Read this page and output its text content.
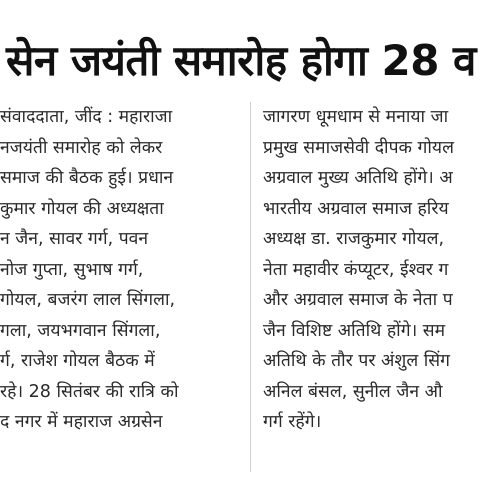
सेन जयंती समारोह होगा 28 व
संवाददाता, जींद : महाराजा
नजयंती समारोह को लेकर
समाज की बैठक हुई। प्रधान
कुमार गोयल की अध्यक्षता
न जैन, सावर गर्ग, पवन
नोज गुप्ता, सुभाष गर्ग,
गोयल, बजरंग लाल सिंगला,
गला, जयभगवान सिंगला,
र्ग, राजेश गोयल बैठक में
रहे। 28 सितंबर की रात्रि को
द नगर में महाराज अग्रसेन
जागरण धूमधाम से मनाया जा
प्रमुख समाजसेवी दीपक गोयल
अग्रवाल मुख्य अतिथि होंगे। अ
भारतीय अग्रवाल समाज हरिय
अध्यक्ष डा. राजकुमार गोयल,
नेता महावीर कंप्यूटर, ईश्वर ग
और अग्रवाल समाज के नेता प
जैन विशिष्ट अतिथि होंगे। सम
अतिथि के तौर पर अंशुल सिंग
अनिल बंसल, सुनील जैन औ
गर्ग रहेंगे।
